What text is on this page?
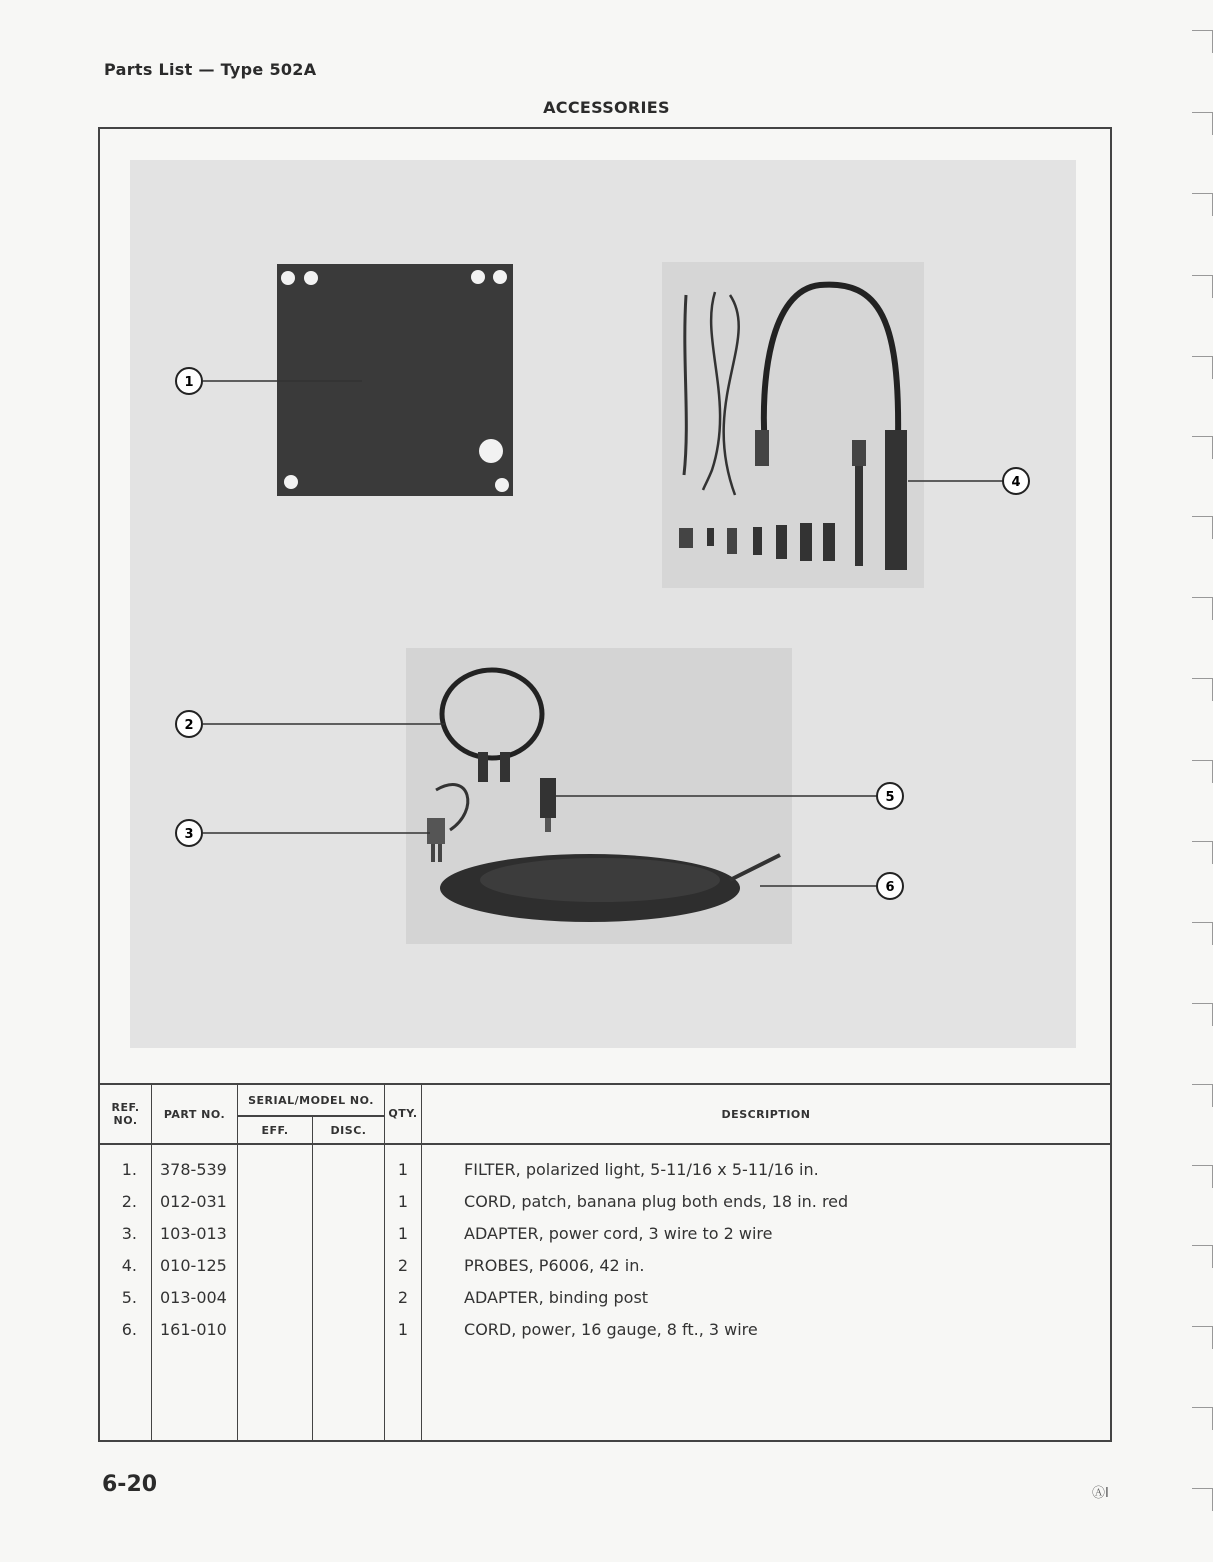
Parts List — Type 502A
ACCESSORIES
1
2
3
4
5
6
REF. NO.	PART NO.	SERIAL/MODEL NO.		QTY.	DESCRIPTION
		EFF.	DISC.		
1.	378-539			1	FILTER, polarized light, 5-11/16 x 5-11/16 in.
2.	012-031			1	CORD, patch, banana plug both ends, 18 in. red
3.	103-013			1	ADAPTER, power cord, 3 wire to 2 wire
4.	010-125			2	PROBES, P6006, 42 in.
5.	013-004			2	ADAPTER, binding post
6.	161-010			1	CORD, power, 16 gauge, 8 ft., 3 wire

6-20	ⒶI
